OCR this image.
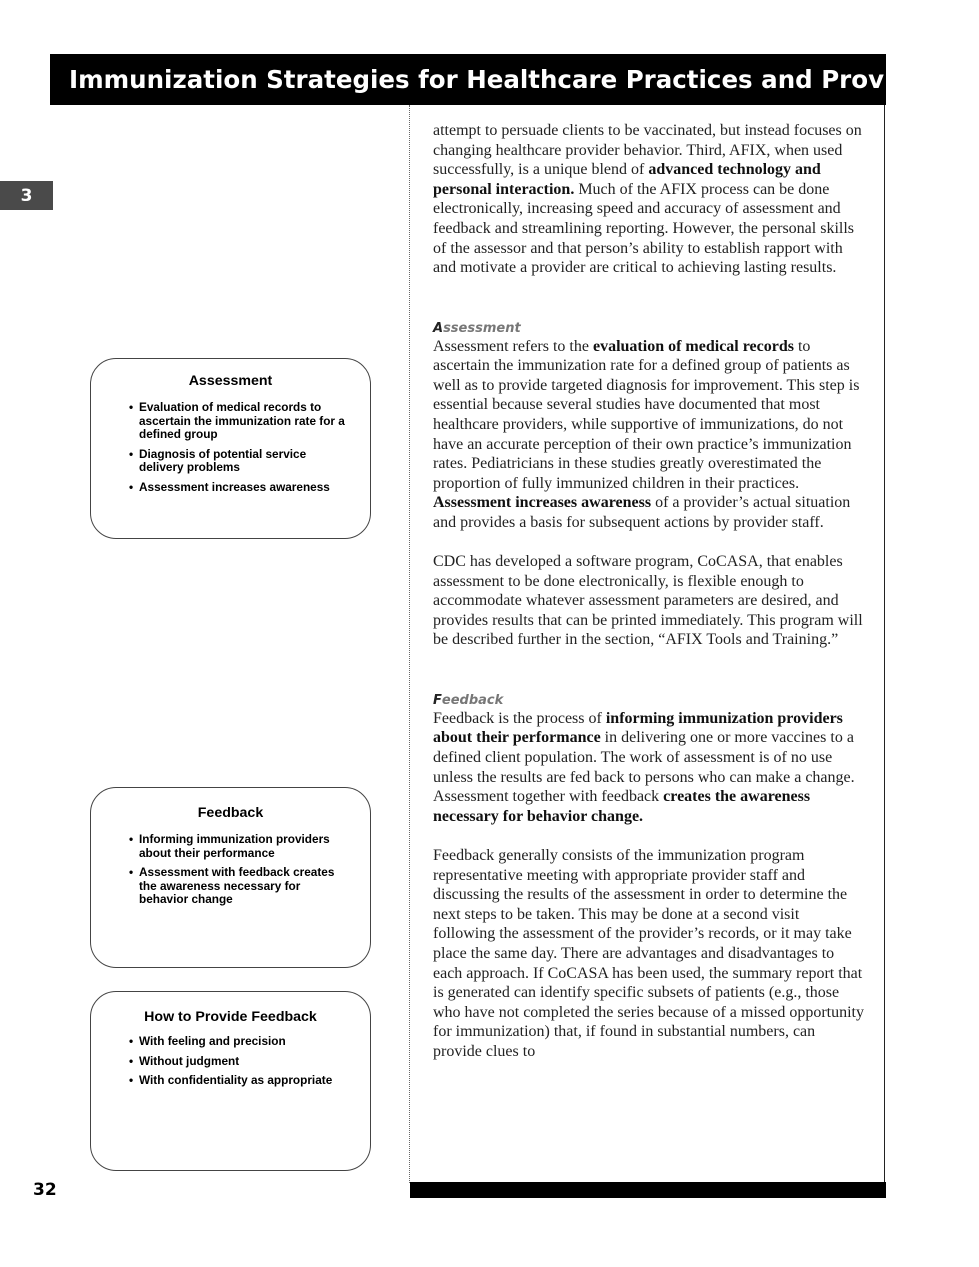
Immunization Strategies for Healthcare Practices and Providers
3
32

Assessment

• Evaluation of medical records to ascertain the immunization rate for a defined group
• Diagnosis of potential service delivery problems
• Assessment increases awareness

Feedback

• Informing immunization providers about their performance
• Assessment with feedback creates the awareness necessary for behavior change

How to Provide Feedback

• With feeling and precision
• Without judgment
• With confidentiality as appropriate

attempt to persuade clients to be vaccinated, but instead focuses on changing healthcare provider behavior. Third, AFIX, when used successfully, is a unique blend of advanced technology and personal interaction. Much of the AFIX process can be done electronically, increasing speed and accuracy of assessment and feedback and streamlining reporting. However, the personal skills of the assessor and that person’s ability to establish rapport with and motivate a provider are critical to achieving lasting results.

A ssessment

Assessment refers to the evaluation of medical records to ascertain the immunization rate for a defined group of patients as well as to provide targeted diagnosis for improvement. This step is essential because several studies have documented that most healthcare providers, while supportive of immunizations, do not have an accurate perception of their own practice’s immunization rates. Pediatricians in these studies greatly overestimated the proportion of fully immunized children in their practices. Assessment increases awareness of a provider’s actual situation and provides a basis for subsequent actions by provider staff.

CDC has developed a software program, CoCASA, that enables assessment to be done electronically, is flexible enough to accommodate whatever assessment parameters are desired, and provides results that can be printed immediately. This program will be described further in the section, “AFIX Tools and Training.”

F eedback

Feedback is the process of informing immunization providers about their performance in delivering one or more vaccines to a defined client population. The work of assessment is of no use unless the results are fed back to persons who can make a change. Assessment together with feedback creates the awareness necessary for behavior change.

Feedback generally consists of the immunization program representative meeting with appropriate provider staff and discussing the results of the assessment in order to determine the next steps to be taken. This may be done at a second visit following the assessment of the provider’s records, or it may take place the same day. There are advantages and disadvantages to each approach. If CoCASA has been used, the summary report that is generated can identify specific subsets of patients (e.g., those who have not completed the series because of a missed opportunity for immunization) that, if found in substantial numbers, can provide clues to
